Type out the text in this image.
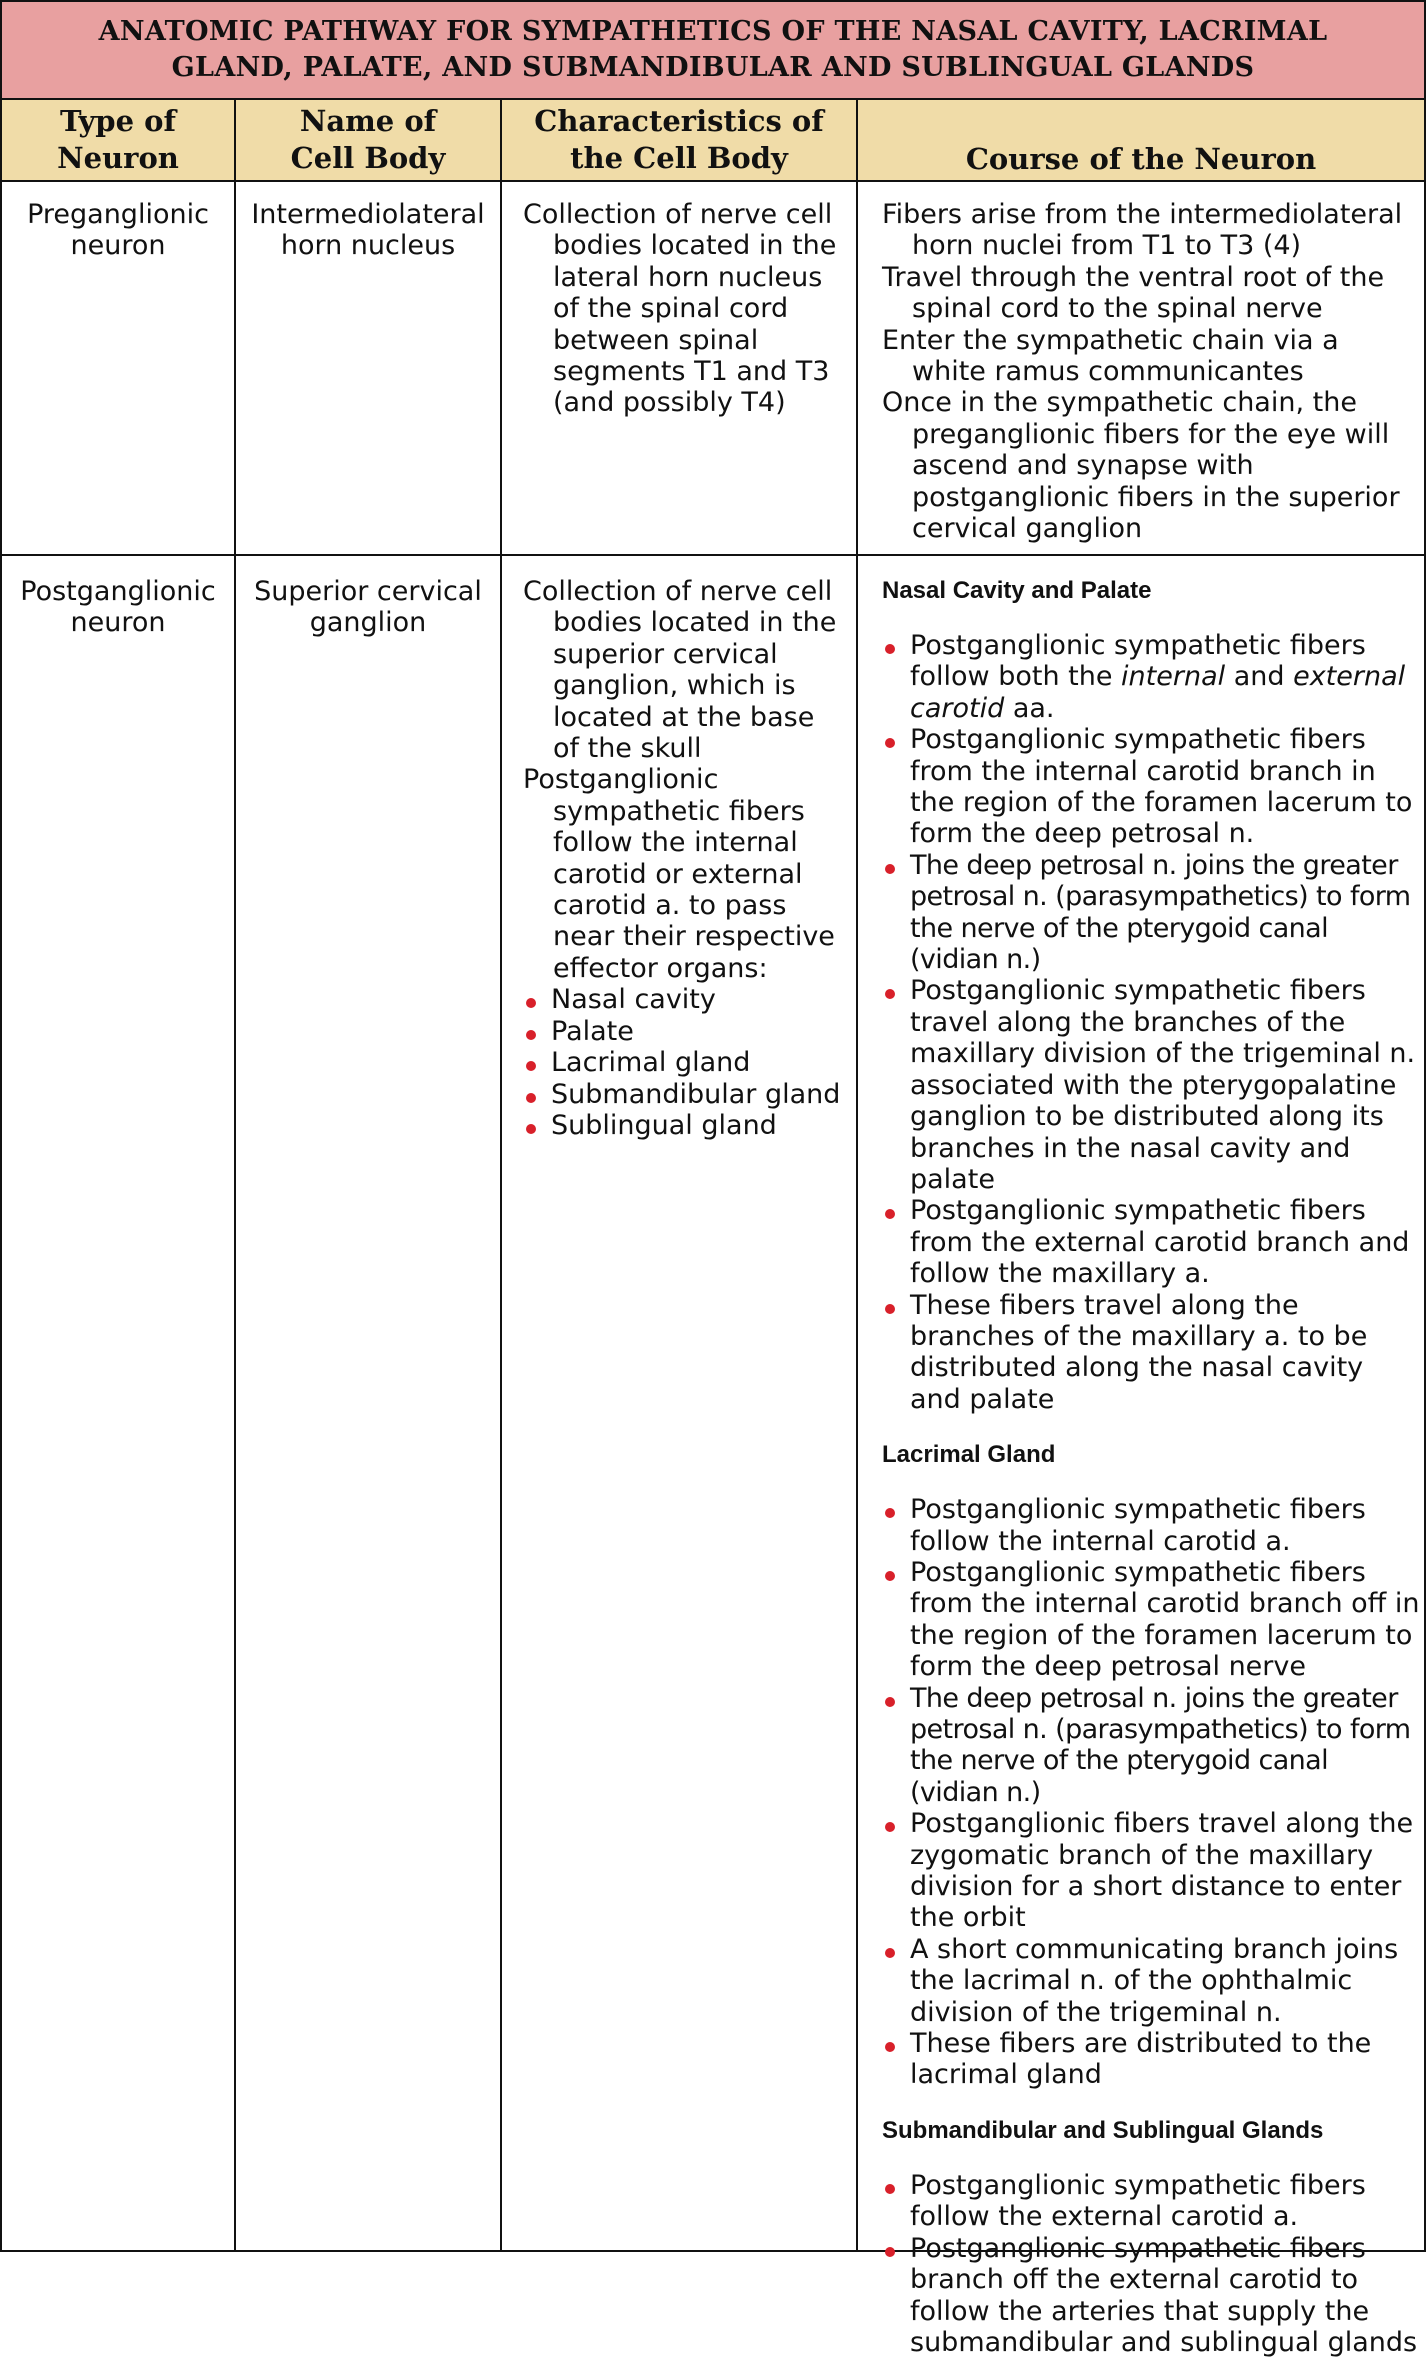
ANATOMIC PATHWAY FOR SYMPATHETICS OF THE NASAL CAVITY, LACRIMAL
GLAND, PALATE, AND SUBMANDIBULAR AND SUBLINGUAL GLANDS
Type of
Neuron
Name of
Cell Body
Characteristics of
the Cell Body	Course of the Neuron
Preganglionic
neuron
Intermediolateral
horn nucleus
Collection of nerve cell bodies located in the lateral horn nucleus of the spinal cord between spinal segments T1 and T3 (and possibly T4)
Fibers arise from the intermediolateral horn nuclei from T1 to T3 (4)
Travel through the ventral root of the spinal cord to the spinal nerve
Enter the sympathetic chain via a white ramus communicantes
Once in the sympathetic chain, the preganglionic fibers for the eye will ascend and synapse with postganglionic fibers in the superior cervical ganglion
Postganglionic
neuron
Superior cervical
ganglion
Collection of nerve cell bodies located in the superior cervical ganglion, which is located at the base of the skull
Postganglionic sympathetic fibers follow the internal carotid or external carotid a. to pass near their respective effector organs:
Nasal cavity
Palate
Lacrimal gland
Submandibular gland
Sublingual gland
Nasal Cavity and Palate
Postganglionic sympathetic fibers follow both the internal and external carotid aa.
Postganglionic sympathetic fibers from the internal carotid branch in the region of the foramen lacerum to form the deep petrosal n.
The deep petrosal n. joins the greater petrosal n. (parasympathetics) to form the nerve of the pterygoid canal (vidian n.)
Postganglionic sympathetic fibers travel along the branches of the maxillary division of the trigeminal n. associated with the pterygopalatine ganglion to be distributed along its branches in the nasal cavity and palate
Postganglionic sympathetic fibers from the external carotid branch and follow the maxillary a.
These fibers travel along the branches of the maxillary a. to be distributed along the nasal cavity and palate
Lacrimal Gland
Postganglionic sympathetic fibers follow the internal carotid a.
Postganglionic sympathetic fibers from the internal carotid branch off in the region of the foramen lacerum to form the deep petrosal nerve
The deep petrosal n. joins the greater petrosal n. (parasympathetics) to form the nerve of the pterygoid canal (vidian n.)
Postganglionic fibers travel along the zygomatic branch of the maxillary division for a short distance to enter the orbit
A short communicating branch joins the lacrimal n. of the ophthalmic division of the trigeminal n.
These fibers are distributed to the lacrimal gland
Submandibular and Sublingual Glands
Postganglionic sympathetic fibers follow the external carotid a.
Postganglionic sympathetic fibers branch off the external carotid to follow the arteries that supply the submandibular and sublingual glands
